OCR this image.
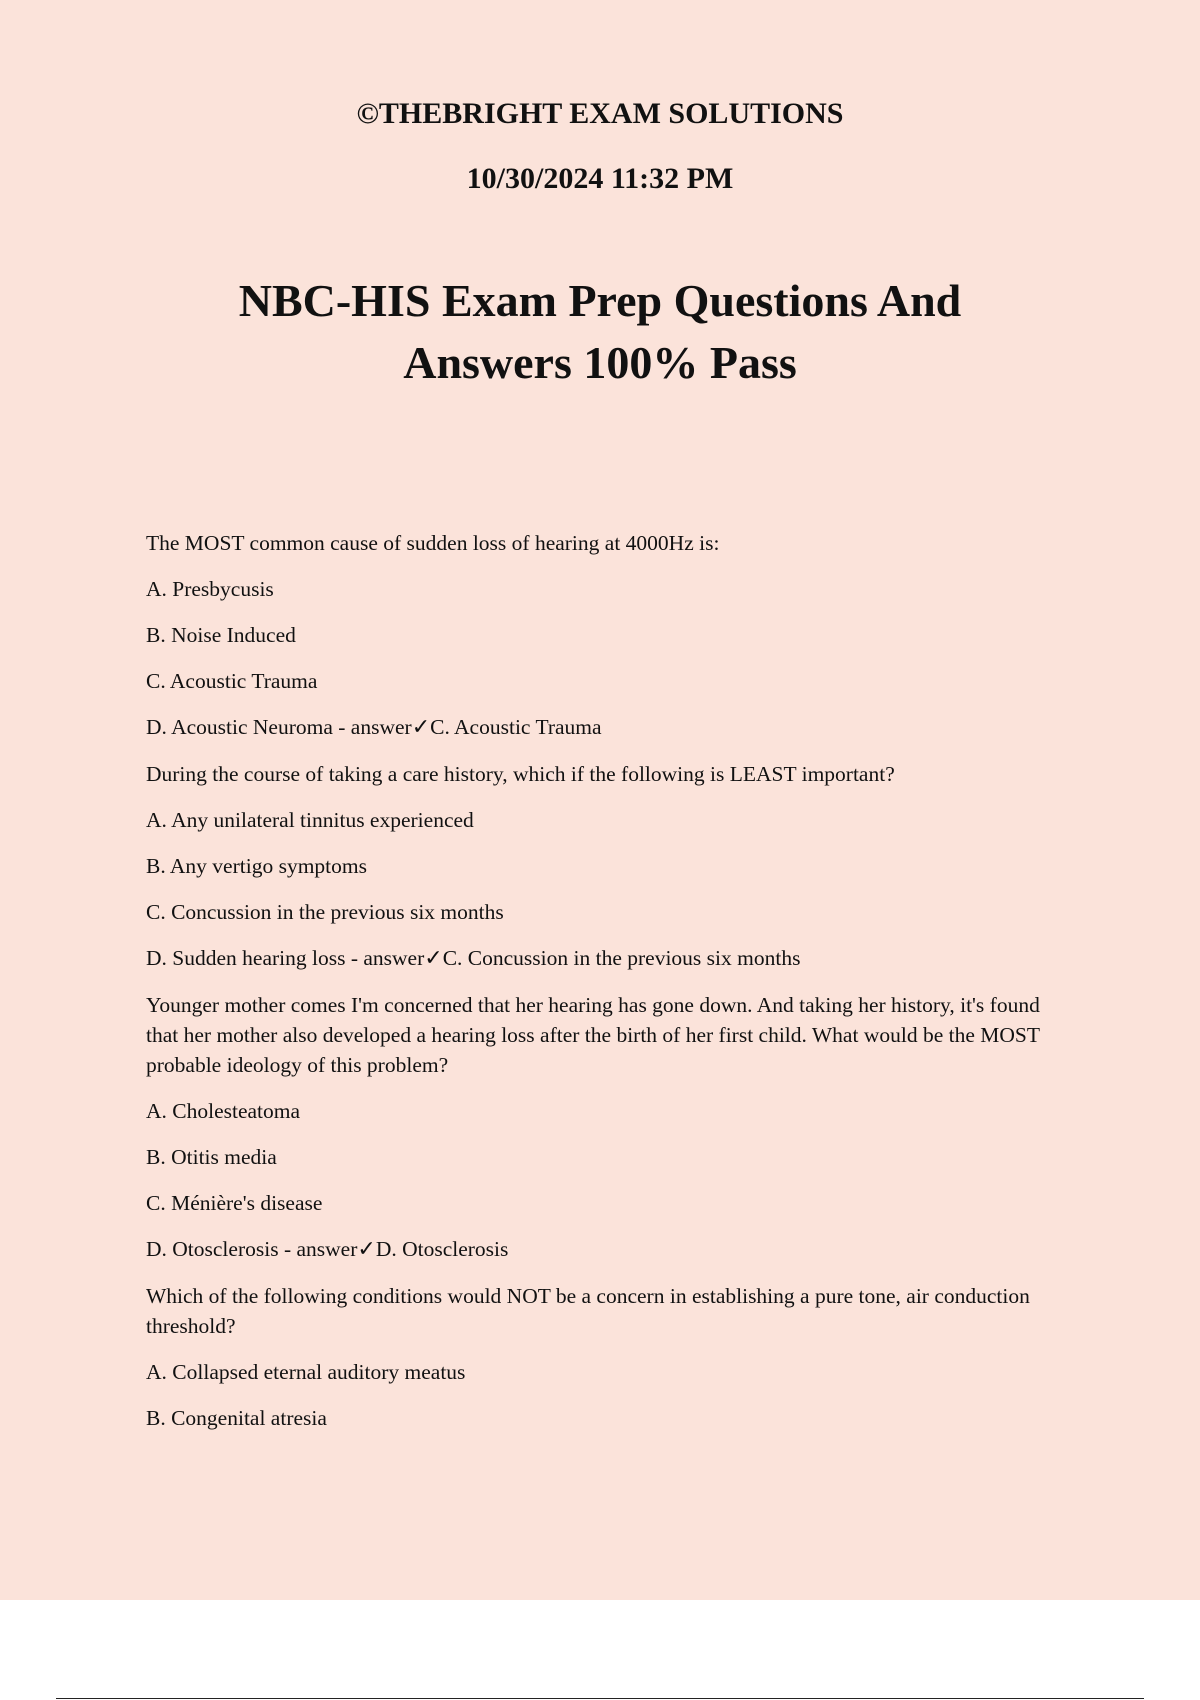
©THEBRIGHT EXAM SOLUTIONS
10/30/2024 11:32 PM
NBC-HIS Exam Prep Questions And
Answers 100% Pass

The MOST common cause of sudden loss of hearing at 4000Hz is:

A. Presbycusis

B. Noise Induced

C. Acoustic Trauma

D. Acoustic Neuroma - answer✓C. Acoustic Trauma

During the course of taking a care history, which if the following is LEAST important?

A. Any unilateral tinnitus experienced

B. Any vertigo symptoms

C. Concussion in the previous six months

D. Sudden hearing loss - answer✓C. Concussion in the previous six months

Younger mother comes I'm concerned that her hearing has gone down. And taking her history, it's found that her mother also developed a hearing loss after the birth of her first child. What would be the MOST probable ideology of this problem?

A. Cholesteatoma

B. Otitis media

C. Ménière's disease

D. Otosclerosis - answer✓D. Otosclerosis

Which of the following conditions would NOT be a concern in establishing a pure tone, air conduction threshold?

A. Collapsed eternal auditory meatus

B. Congenital atresia
